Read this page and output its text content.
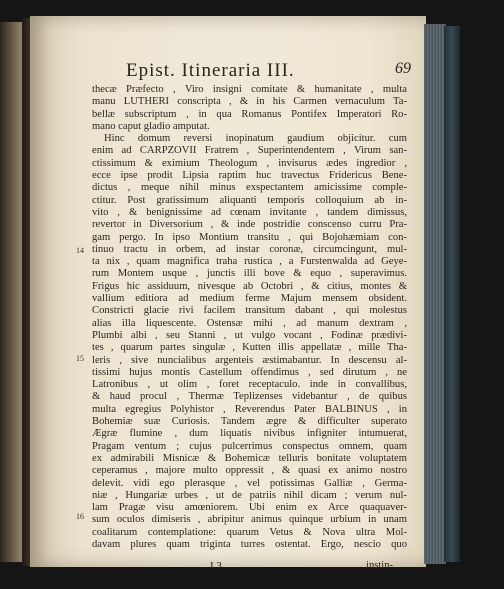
Epist. Itineraria III.	69
thecæ Præfecto , Viro insigni comitate & humanitate , multa
manu LUTHERI conscripta , & in his Carmen vernaculum Ta-
bellæ subscriptum , in qua Romanus Pontifex Imperatori Ro-
mano caput gladio amputat.
Hinc domum reversi inopinatum gaudium objicitur. cum
enim ad CARPZOVII Fratrem , Superintendentem , Virum san-
ctissimum & eximium Theologum , invisurus ædes ingredior ,
ecce ipse prodit Lipsia raptim huc travectus Fridericus Bene-
dictus , meque nihil minus exspectantem amicissime comple-
ctitur. Post gratissimum aliquanti temporis colloquium ab in-
vito , & benignissime ad cœnam invitante , tandem dimissus,
revertor in Diversorium , & inde postridie conscenso curru Pra-
gam pergo. In ipso Montium transitu , qui Bojohæmiam con-
tinuo tractu in orbem, ad instar coronæ, circumcingunt, mul-
ta nix , quam magnifica traha rustica , a Furstenwalda ad Geye-
rum Montem usque , junctis illi bove & equo , superavimus.
Frigus hic assiduum, nivesque ab Octobri , & citius, montes &
vallium editiora ad medium ferme Majum mensem obsident.
Constricti glacie rivi facilem transitum dabant , qui molestus
alias illa liquescente. Ostensæ mihi , ad manum dextram ,
Plumbi albi , seu Stanni , ut vulgo vocant , Fodinæ prædivi-
tes , quarum partes singulæ , Kutten illis appellatæ , mille Tha-
leris , sive nuncialibus argenteis æstimabantur. In descensu al-
tissimi hujus montis Castellum offendimus , sed dirutum , ne
Latronibus , ut olim , foret receptaculo. inde in convallibus,
& haud procul , Thermæ Teplizenses videbantur , de quibus
multa egregius Polyhistor , Reverendus Pater BALBINUS , in
Bohemiæ suæ Curiosis. Tandem ægre & difficulter superato
Ægræ flumine , dum liquatis nivibus infigniter intumuerat,
Pragam ventum ; cujus pulcerrimus conspectus omnem, quam
ex admirabili Misnicæ & Bohemicæ telluris bonitate voluptatem
ceperamus , majore multo oppressit , & quasi ex animo nostro
delevit. vidi ego plerasque , vel potissimas Galliæ , Germa-
niæ , Hungariæ urbes , ut de patriis nihil dicam ; verum nul-
lam Pragæ visu amœniorem. Ubi enim ex Arce quaquaver-
sum oculos dimiseris , abripitur animus quinque urbium in unam
coalitarum contemplatione: quarum Vetus & Nova ultra Mol-
davam plures quam triginta turres ostentat. Ergo, nescio quo
14
15
16
I 3	instin-
